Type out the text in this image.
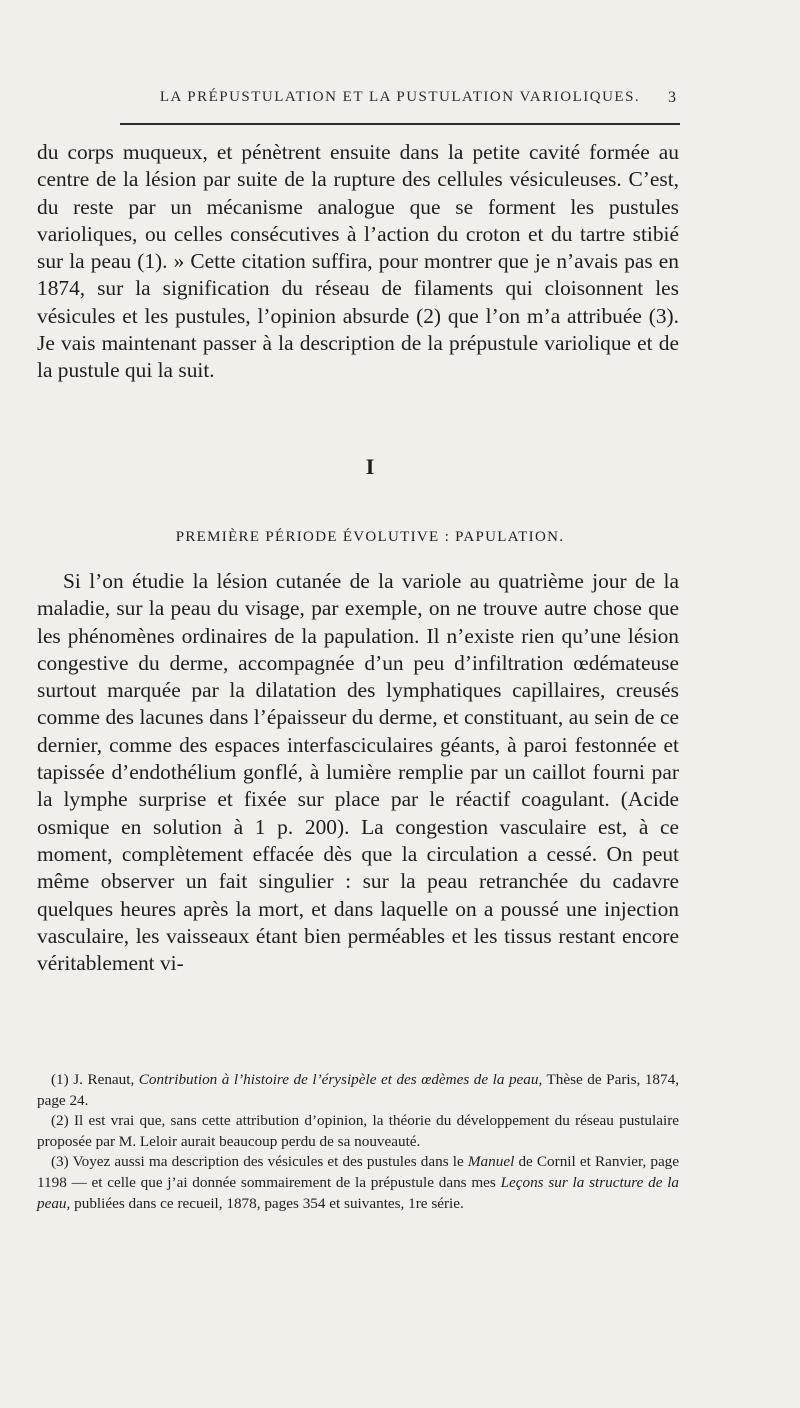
LA PRÉPUSTULATION ET LA PUSTULATION VARIOLIQUES.	3

du corps muqueux, et pénètrent ensuite dans la petite cavité formée au centre de la lésion par suite de la rupture des cellules vésiculeuses. C’est, du reste par un mécanisme analogue que se forment les pustules varioliques, ou celles consécutives à l’action du croton et du tartre stibié sur la peau (1). » Cette citation suffira, pour montrer que je n’avais pas en 1874, sur la signification du réseau de filaments qui cloisonnent les vésicules et les pustules, l’opinion absurde (2) que l’on m’a attribuée (3). Je vais maintenant passer à la description de la prépustule variolique et de la pustule qui la suit.

I
PREMIÈRE PÉRIODE ÉVOLUTIVE : PAPULATION.

Si l’on étudie la lésion cutanée de la variole au quatrième jour de la maladie, sur la peau du visage, par exemple, on ne trouve autre chose que les phénomènes ordinaires de la papulation. Il n’existe rien qu’une lésion congestive du derme, accompagnée d’un peu d’infiltration œdémateuse surtout marquée par la dilatation des lymphatiques capillaires, creusés comme des lacunes dans l’épaisseur du derme, et constituant, au sein de ce dernier, comme des espaces interfasciculaires géants, à paroi festonnée et tapissée d’endothélium gonflé, à lumière remplie par un caillot fourni par la lymphe surprise et fixée sur place par le réactif coagulant. (Acide osmique en solution à 1 p. 200). La congestion vasculaire est, à ce moment, complètement effacée dès que la circulation a cessé. On peut même observer un fait singulier : sur la peau retranchée du cadavre quelques heures après la mort, et dans laquelle on a poussé une injection vasculaire, les vaisseaux étant bien perméables et les tissus restant encore véritablement vi-

(1) J. Renaut, Contribution à l’histoire de l’érysipèle et des œdèmes de la peau, Thèse de Paris, 1874, page 24.

(2) Il est vrai que, sans cette attribution d’opinion, la théorie du développement du réseau pustulaire proposée par M. Leloir aurait beaucoup perdu de sa nouveauté.

(3) Voyez aussi ma description des vésicules et des pustules dans le Manuel de Cornil et Ranvier, page 1198 — et celle que j’ai donnée sommairement de la prépustule dans mes Leçons sur la structure de la peau, publiées dans ce recueil, 1878, pages 354 et suivantes, 1re série.
